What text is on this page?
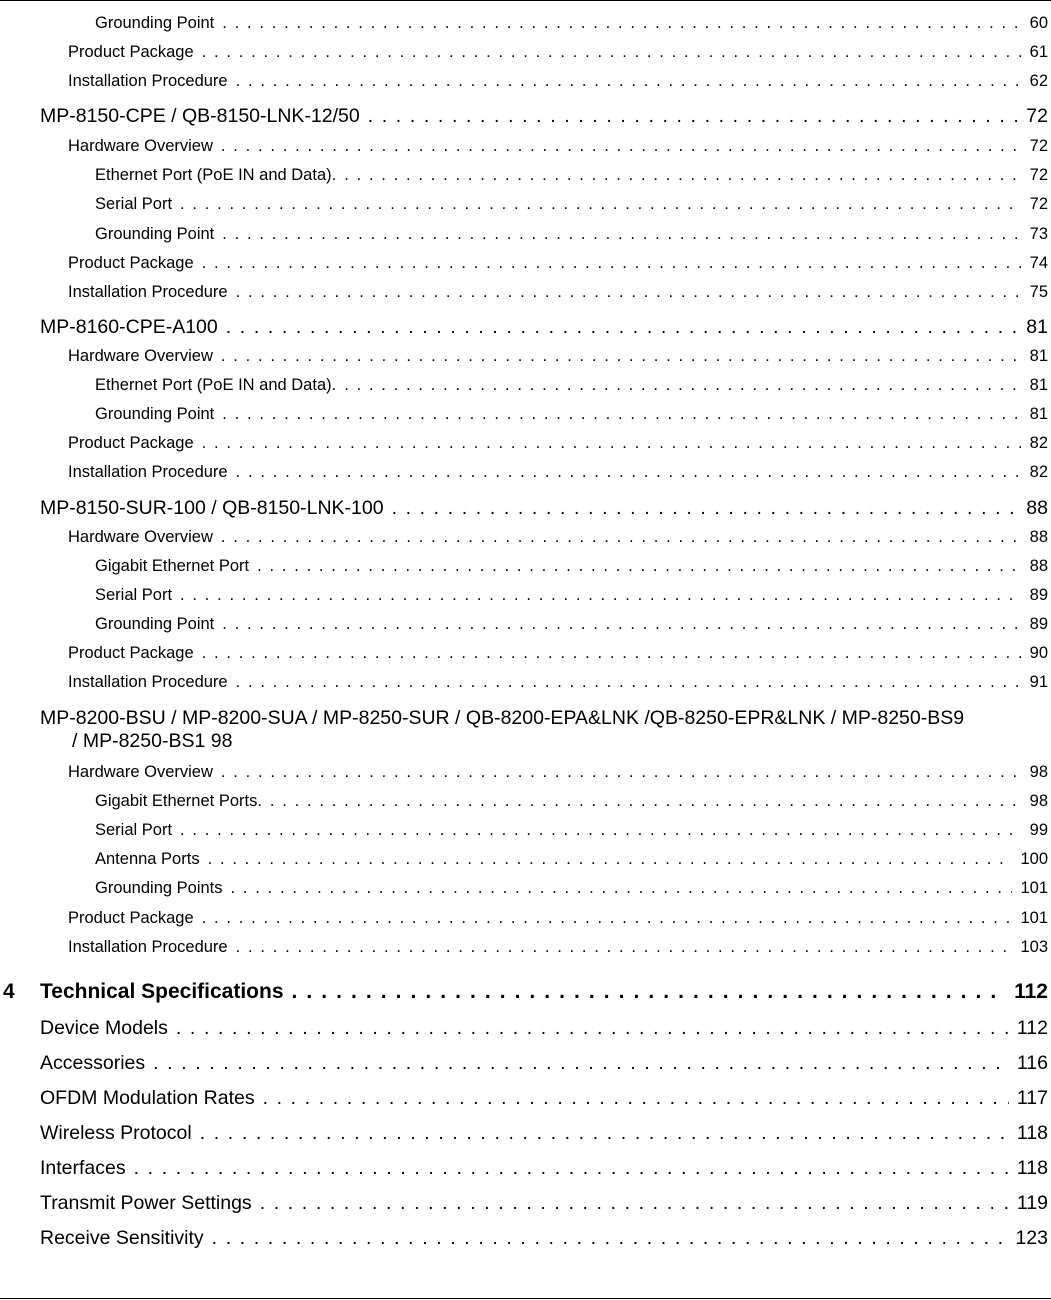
Grounding Point . . .	60
Product Package . . .	61
Installation Procedure . . .	62
MP-8150-CPE / QB-8150-LNK-12/50 . . .	72
Hardware Overview . . .	72
Ethernet Port (PoE IN and Data). . . .	72
Serial Port . . .	72
Grounding Point . . .	73
Product Package . . .	74
Installation Procedure . . .	75
MP-8160-CPE-A100 . . .	81
Hardware Overview . . .	81
Ethernet Port (PoE IN and Data). . . .	81
Grounding Point . . .	81
Product Package . . .	82
Installation Procedure . . .	82
MP-8150-SUR-100 / QB-8150-LNK-100 . . .	88
Hardware Overview . . .	88
Gigabit Ethernet Port . . .	88
Serial Port . . .	89
Grounding Point . . .	89
Product Package . . .	90
Installation Procedure . . .	91
MP-8200-BSU / MP-8200-SUA / MP-8250-SUR / QB-8200-EPA&LNK /QB-8250-EPR&LNK / MP-8250-BS9
/ MP-8250-BS1 98
Hardware Overview . . .	98
Gigabit Ethernet Ports. . . .	98
Serial Port . . .	99
Antenna Ports . . .	100
Grounding Points . . .	101
Product Package . . .	101
Installation Procedure . . .	103
4 Technical Specifications . . .	112
Device Models . . .	112
Accessories . . .	116
OFDM Modulation Rates . . .	117
Wireless Protocol . . .	118
Interfaces . . .	118
Transmit Power Settings . . .	119
Receive Sensitivity . . .	123
